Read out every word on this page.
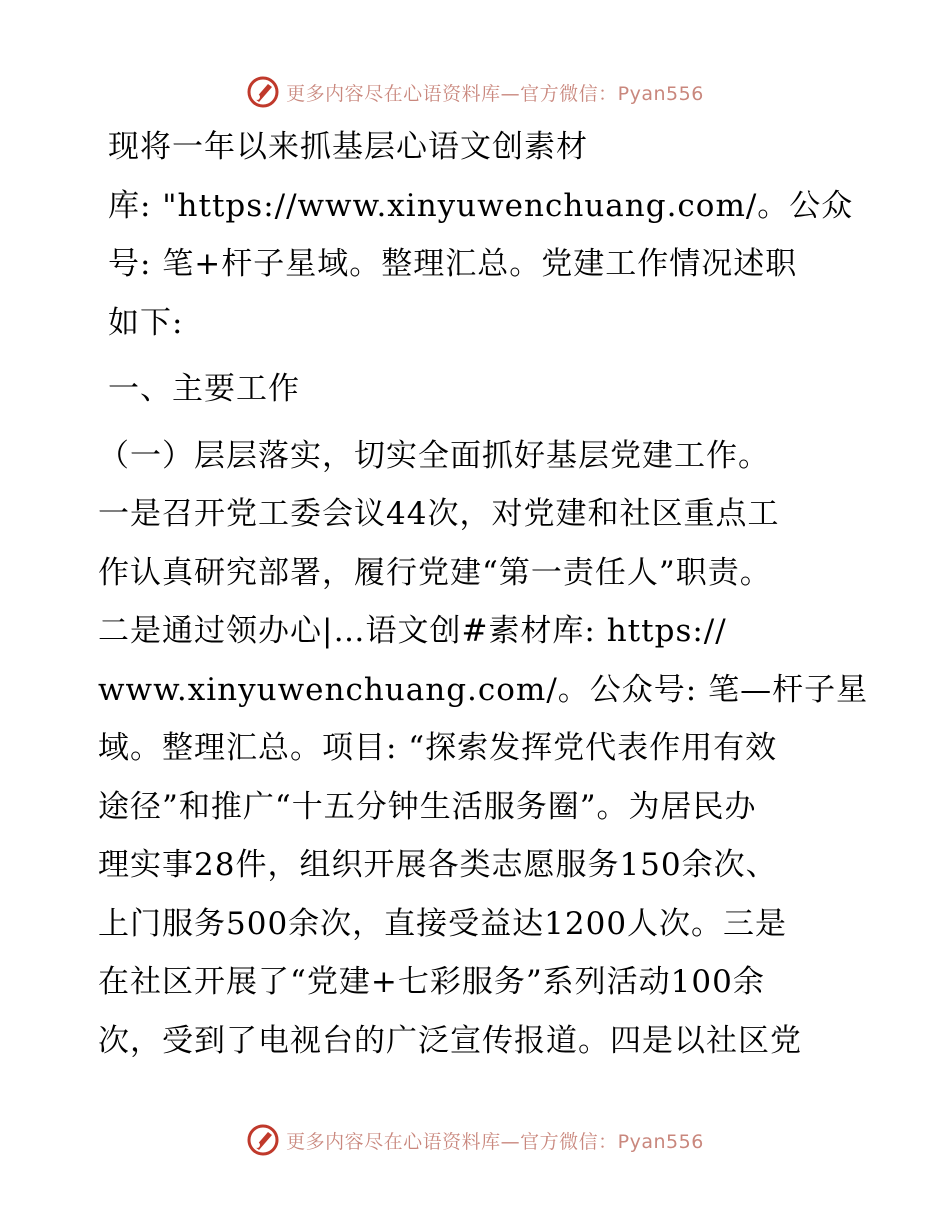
更多内容尽在心语资料库—官方微信：Pyan556

现将一年以来抓基层心语文创素材
库: "https://www.xinyuwenchuang.com/。公众
号: 笔+杆子星域。整理汇总。党建工作情况述职
如下:

一、主要工作

（一）层层落实，切实全面抓好基层党建工作。
一是召开党工委会议44次，对党建和社区重点工
作认真研究部署，履行党建“第一责任人”职责。
二是通过领办心|…语文创#素材库: https://
www.xinyuwenchuang.com/。公众号: 笔—杆子星
域。整理汇总。项目: “探索发挥党代表作用有效
途径”和推广“十五分钟生活服务圈”。为居民办
理实事28件，组织开展各类志愿服务150余次、
上门服务500余次，直接受益达1200人次。三是
在社区开展了“党建+七彩服务”系列活动100余
次，受到了电视台的广泛宣传报道。四是以社区党

更多内容尽在心语资料库—官方微信：Pyan556
